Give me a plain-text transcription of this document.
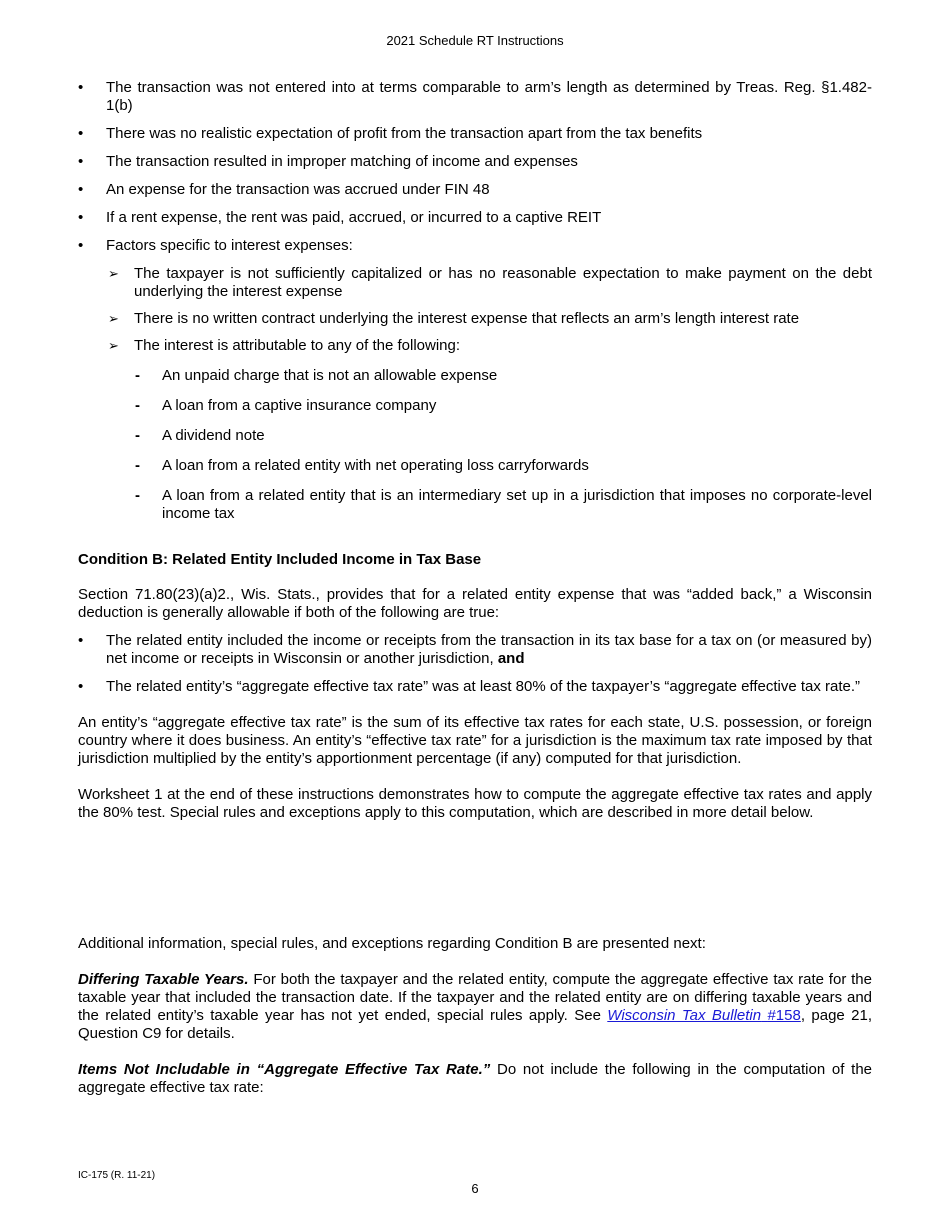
2021 Schedule RT Instructions
• The transaction was not entered into at terms comparable to arm’s length as determined by Treas. Reg. §1.482-1(b)
• There was no realistic expectation of profit from the transaction apart from the tax benefits
• The transaction resulted in improper matching of income and expenses
• An expense for the transaction was accrued under FIN 48
• If a rent expense, the rent was paid, accrued, or incurred to a captive REIT
• Factors specific to interest expenses:
➢ The taxpayer is not sufficiently capitalized or has no reasonable expectation to make payment on the debt underlying the interest expense
➢ There is no written contract underlying the interest expense that reflects an arm’s length interest rate
➢ The interest is attributable to any of the following:
- An unpaid charge that is not an allowable expense
- A loan from a captive insurance company
- A dividend note
- A loan from a related entity with net operating loss carryforwards
- A loan from a related entity that is an intermediary set up in a jurisdiction that imposes no corporate-level income tax
Condition B: Related Entity Included Income in Tax Base
Section 71.80(23)(a)2., Wis. Stats., provides that for a related entity expense that was “added back,” a Wisconsin deduction is generally allowable if both of the following are true:
• The related entity included the income or receipts from the transaction in its tax base for a tax on (or measured by) net income or receipts in Wisconsin or another jurisdiction, and
• The related entity’s “aggregate effective tax rate” was at least 80% of the taxpayer’s “aggregate effective tax rate.”
An entity’s “aggregate effective tax rate” is the sum of its effective tax rates for each state, U.S. possession, or foreign country where it does business. An entity’s “effective tax rate” for a jurisdiction is the maximum tax rate imposed by that jurisdiction multiplied by the entity’s apportionment percentage (if any) computed for that jurisdiction.
Worksheet 1 at the end of these instructions demonstrates how to compute the aggregate effective tax rates and apply the 80% test. Special rules and exceptions apply to this computation, which are described in more detail below.
Additional information, special rules, and exceptions regarding Condition B are presented next:
Differing Taxable Years. For both the taxpayer and the related entity, compute the aggregate effective tax rate for the taxable year that included the transaction date. If the taxpayer and the related entity are on differing taxable years and the related entity’s taxable year has not yet ended, special rules apply. See Wisconsin Tax Bulletin #158, page 21, Question C9 for details.
Items Not Includable in “Aggregate Effective Tax Rate.” Do not include the following in the computation of the aggregate effective tax rate:
IC-175 (R. 11-21)
6
